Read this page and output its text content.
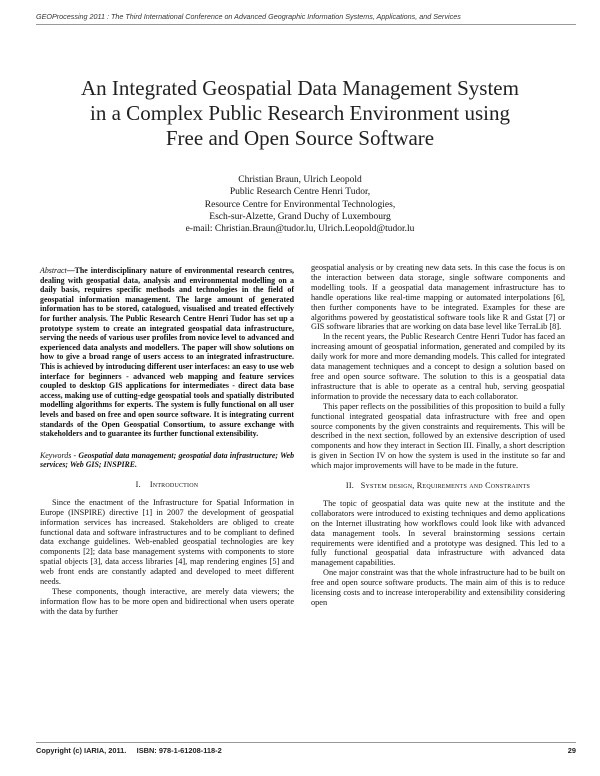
GEOProcessing 2011 : The Third International Conference on Advanced Geographic Information Systems, Applications, and Services
An Integrated Geospatial Data Management System
in a Complex Public Research Environment using
Free and Open Source Software
Christian Braun, Ulrich Leopold
Public Research Centre Henri Tudor,
Resource Centre for Environmental Technologies,
Esch-sur-Alzette, Grand Duchy of Luxembourg
e-mail: Christian.Braun@tudor.lu, Ulrich.Leopold@tudor.lu

Abstract—The interdisciplinary nature of environmental research centres, dealing with geospatial data, analysis and environmental modelling on a daily basis, requires specific methods and technologies in the field of geospatial information management. The large amount of generated information has to be stored, catalogued, visualised and treated effectively for further analysis. The Public Research Centre Henri Tudor has set up a prototype system to create an integrated geospatial data infrastructure, serving the needs of various user profiles from novice level to advanced and experienced data analysts and modellers. The paper will show solutions on how to give a broad range of users access to an integrated infrastructure. This is achieved by introducing different user interfaces: an easy to use web interface for beginners - advanced web mapping and feature services coupled to desktop GIS applications for intermediates - direct data base access, making use of cutting-edge geospatial tools and spatially distributed modelling algorithms for experts. The system is fully functional on all user levels and based on free and open source software. It is integrating current standards of the Open Geospatial Consortium, to assure exchange with stakeholders and to guarantee its further functional extensibility.

Keywords - Geospatial data management; geospatial data infrastructure; Web services; Web GIS; INSPIRE.
I. Introduction

Since the enactment of the Infrastructure for Spatial Information in Europe (INSPIRE) directive [1] in 2007 the development of geospatial information services has increased. Stakeholders are obliged to create functional data and software infrastructures and to be compliant to defined data exchange guidelines. Web-enabled geospatial technologies are key components [2]; data base management systems with components to store spatial objects [3], data access libraries [4], map rendering engines [5] and web front ends are constantly adapted and developed to meet different needs.

These components, though interactive, are merely data viewers; the information flow has to be more open and bidirectional when users operate with the data by further

geospatial analysis or by creating new data sets. In this case the focus is on the interaction between data storage, single software components and modelling tools. If a geospatial data management infrastructure has to handle operations like real-time mapping or automated interpolations [6], then further components have to be integrated. Examples for these are algorithms powered by geostatistical software tools like R and Gstat [7] or GIS software libraries that are working on data base level like TerraLib [8].

In the recent years, the Public Research Centre Henri Tudor has faced an increasing amount of geospatial information, generated and compiled by its daily work for more and more demanding models. This called for integrated data management techniques and a concept to design a solution based on free and open source software. The solution to this is a geospatial data infrastructure that is able to operate as a central hub, serving geospatial information to provide the necessary data to each collaborator.

This paper reflects on the possibilities of this proposition to build a fully functional integrated geospatial data infrastructure with free and open source components by the given constraints and requirements. This will be described in the next section, followed by an extensive description of used components and how they interact in Section III. Finally, a short description is given in Section IV on how the system is used in the institute so far and which major improvements will have to be made in the future.

II. System design, Requirements and Constraints

The topic of geospatial data was quite new at the institute and the collaborators were introduced to existing techniques and demo applications on the Internet illustrating how workflows could look like with advanced data management tools. In several brainstorming sessions certain requirements were identified and a prototype was designed. This led to a fully functional geospatial data infrastructure with advanced data management capabilities.

One major constraint was that the whole infrastructure had to be built on free and open source software products. The main aim of this is to reduce licensing costs and to increase interoperability and extensibility considering open

Copyright (c) IARIA, 2011. ISBN: 978-1-61208-118-2	29
